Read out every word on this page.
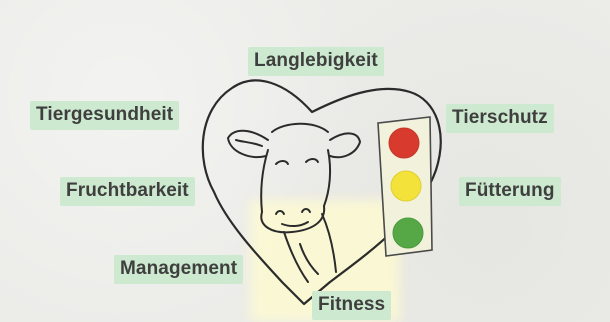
Langlebigkeit
Tiergesundheit	Tierschutz
Fruchtbarkeit	Fütterung
Management
Fitness
